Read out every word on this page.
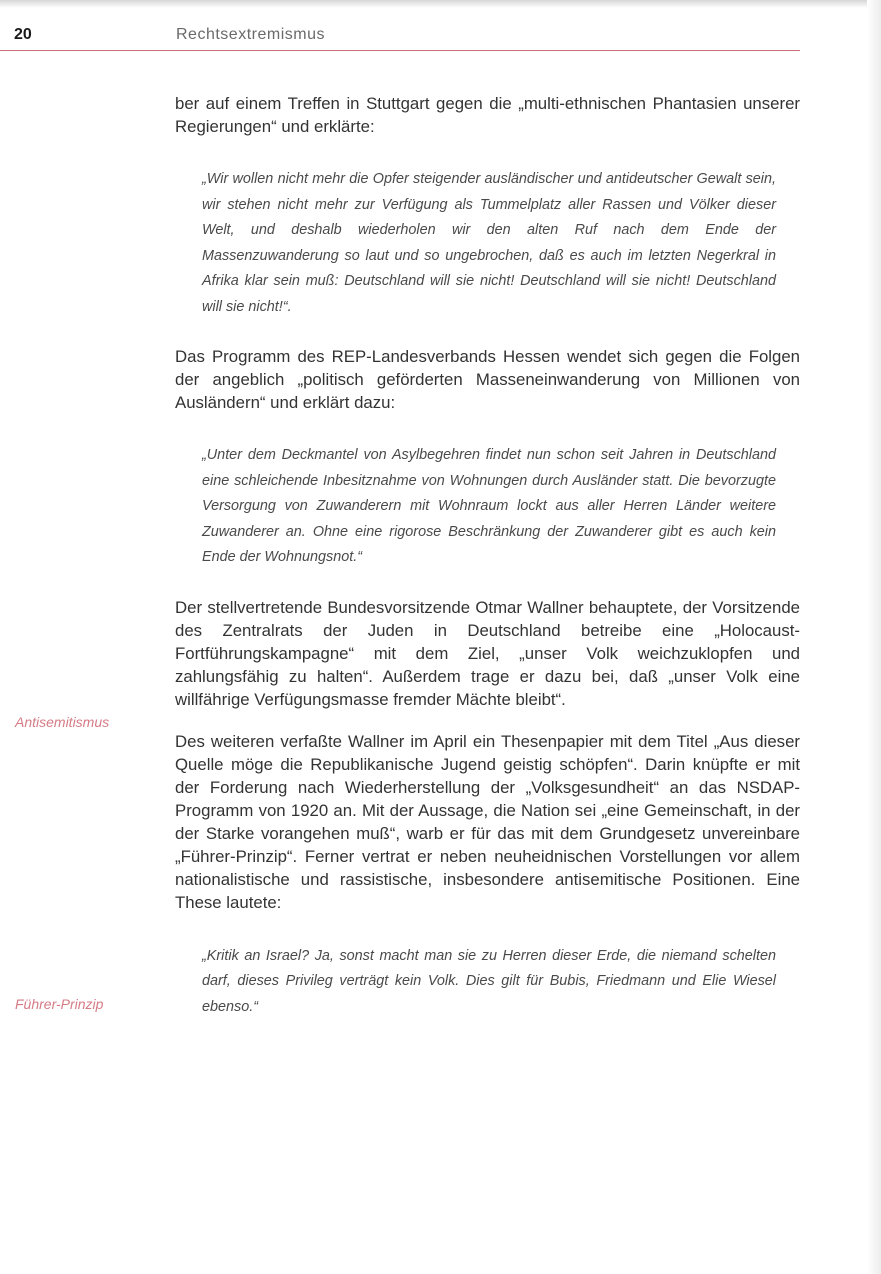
20	Rechtsextremismus
Antisemitismus
Führer-Prinzip

ber auf einem Treffen in Stuttgart gegen die „multi-ethnischen Phantasien unserer Regierungen“ und erklärte:

„Wir wollen nicht mehr die Opfer steigender ausländischer und antideutscher Gewalt sein, wir stehen nicht mehr zur Verfügung als Tummelplatz aller Rassen und Völker dieser Welt, und deshalb wiederholen wir den alten Ruf nach dem Ende der Massenzuwanderung so laut und so ungebrochen, daß es auch im letzten Negerkral in Afrika klar sein muß: Deutschland will sie nicht! Deutschland will sie nicht! Deutschland will sie nicht!“.

Das Programm des REP-Landesverbands Hessen wendet sich gegen die Folgen der angeblich „politisch geförderten Masseneinwanderung von Millionen von Ausländern“ und erklärt dazu:

„Unter dem Deckmantel von Asylbegehren findet nun schon seit Jahren in Deutschland eine schleichende Inbesitznahme von Wohnungen durch Ausländer statt. Die bevorzugte Versorgung von Zuwanderern mit Wohnraum lockt aus aller Herren Länder weitere Zuwanderer an. Ohne eine rigorose Beschränkung der Zuwanderer gibt es auch kein Ende der Wohnungsnot.“

Der stellvertretende Bundesvorsitzende Otmar Wallner behauptete, der Vorsitzende des Zentralrats der Juden in Deutschland betreibe eine „Holocaust-Fortführungskampagne“ mit dem Ziel, „unser Volk weichzuklopfen und zahlungsfähig zu halten“. Außerdem trage er dazu bei, daß „unser Volk eine willfährige Verfügungsmasse fremder Mächte bleibt“.

Des weiteren verfaßte Wallner im April ein Thesenpapier mit dem Titel „Aus dieser Quelle möge die Republikanische Jugend geistig schöpfen“. Darin knüpfte er mit der Forderung nach Wiederherstellung der „Volksgesundheit“ an das NSDAP-Programm von 1920 an. Mit der Aussage, die Nation sei „eine Gemeinschaft, in der der Starke vorangehen muß“, warb er für das mit dem Grundgesetz unvereinbare „Führer-Prinzip“. Ferner vertrat er neben neuheidnischen Vorstellungen vor allem nationalistische und rassistische, insbesondere antisemitische Positionen. Eine These lautete:

„Kritik an Israel? Ja, sonst macht man sie zu Herren dieser Erde, die niemand schelten darf, dieses Privileg verträgt kein Volk. Dies gilt für Bubis, Friedmann und Elie Wiesel ebenso.“
